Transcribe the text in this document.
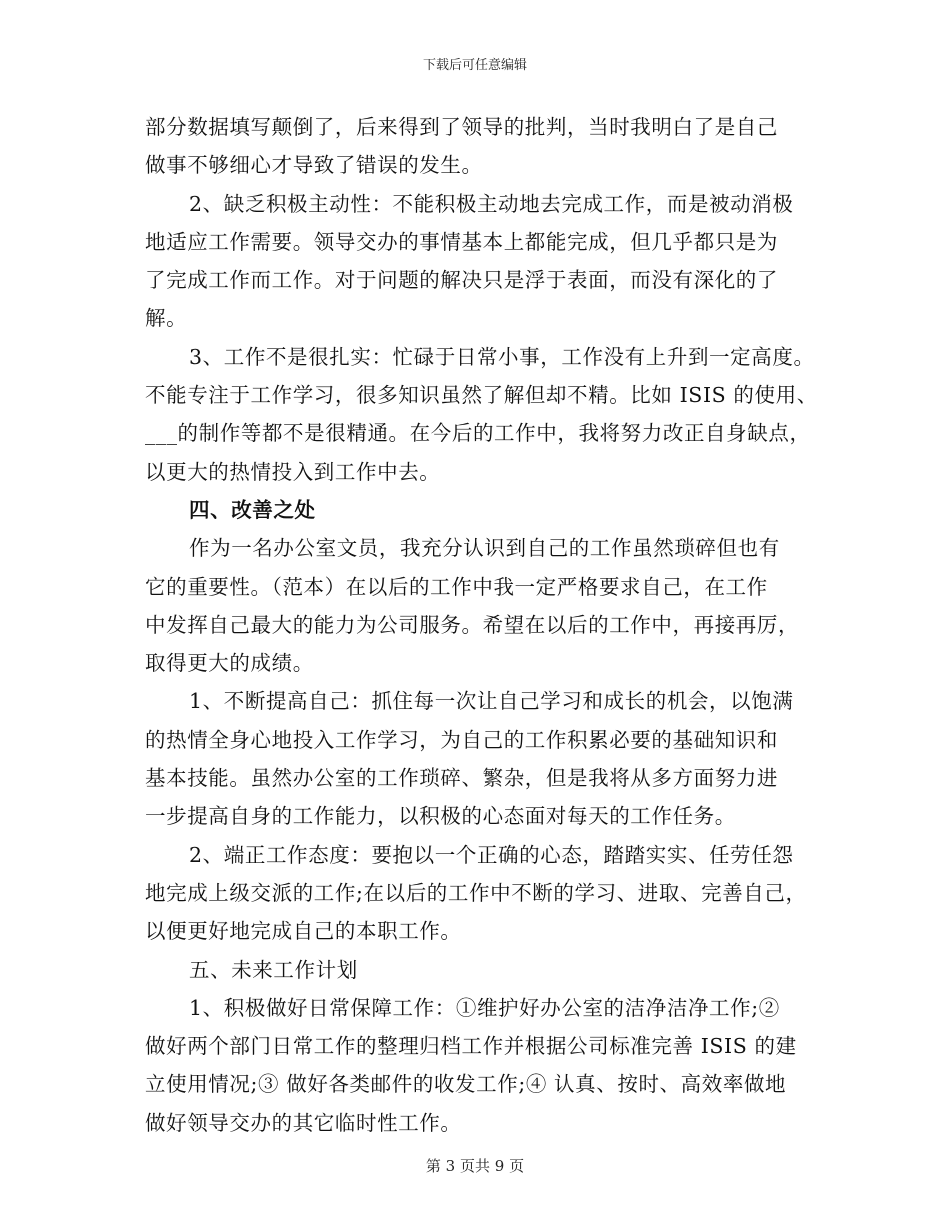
下载后可任意编辑
部分数据填写颠倒了，后来得到了领导的批判，当时我明白了是自己
做事不够细心才导致了错误的发生。
2、缺乏积极主动性：不能积极主动地去完成工作，而是被动消极
地适应工作需要。领导交办的事情基本上都能完成，但几乎都只是为
了完成工作而工作。对于问题的解决只是浮于表面，而没有深化的了
解。
3、工作不是很扎实：忙碌于日常小事，工作没有上升到一定高度。
不能专注于工作学习，很多知识虽然了解但却不精。比如 ISIS 的使用、
___的制作等都不是很精通。在今后的工作中，我将努力改正自身缺点，
以更大的热情投入到工作中去。
四、改善之处
作为一名办公室文员，我充分认识到自己的工作虽然琐碎但也有
它的重要性。（范本）在以后的工作中我一定严格要求自己，在工作
中发挥自己最大的能力为公司服务。希望在以后的工作中，再接再厉，
取得更大的成绩。
1、不断提高自己：抓住每一次让自己学习和成长的机会，以饱满
的热情全身心地投入工作学习，为自己的工作积累必要的基础知识和
基本技能。虽然办公室的工作琐碎、繁杂，但是我将从多方面努力进
一步提高自身的工作能力，以积极的心态面对每天的工作任务。
2、端正工作态度：要抱以一个正确的心态，踏踏实实、任劳任怨
地完成上级交派的工作;在以后的工作中不断的学习、进取、完善自己，
以便更好地完成自己的本职工作。
五、未来工作计划
1、积极做好日常保障工作：①维护好办公室的洁净洁净工作;②
做好两个部门日常工作的整理归档工作并根据公司标准完善 ISIS 的建
立使用情况;③ 做好各类邮件的收发工作;④ 认真、按时、高效率做地
做好领导交办的其它临时性工作。
第 3 页共 9 页
